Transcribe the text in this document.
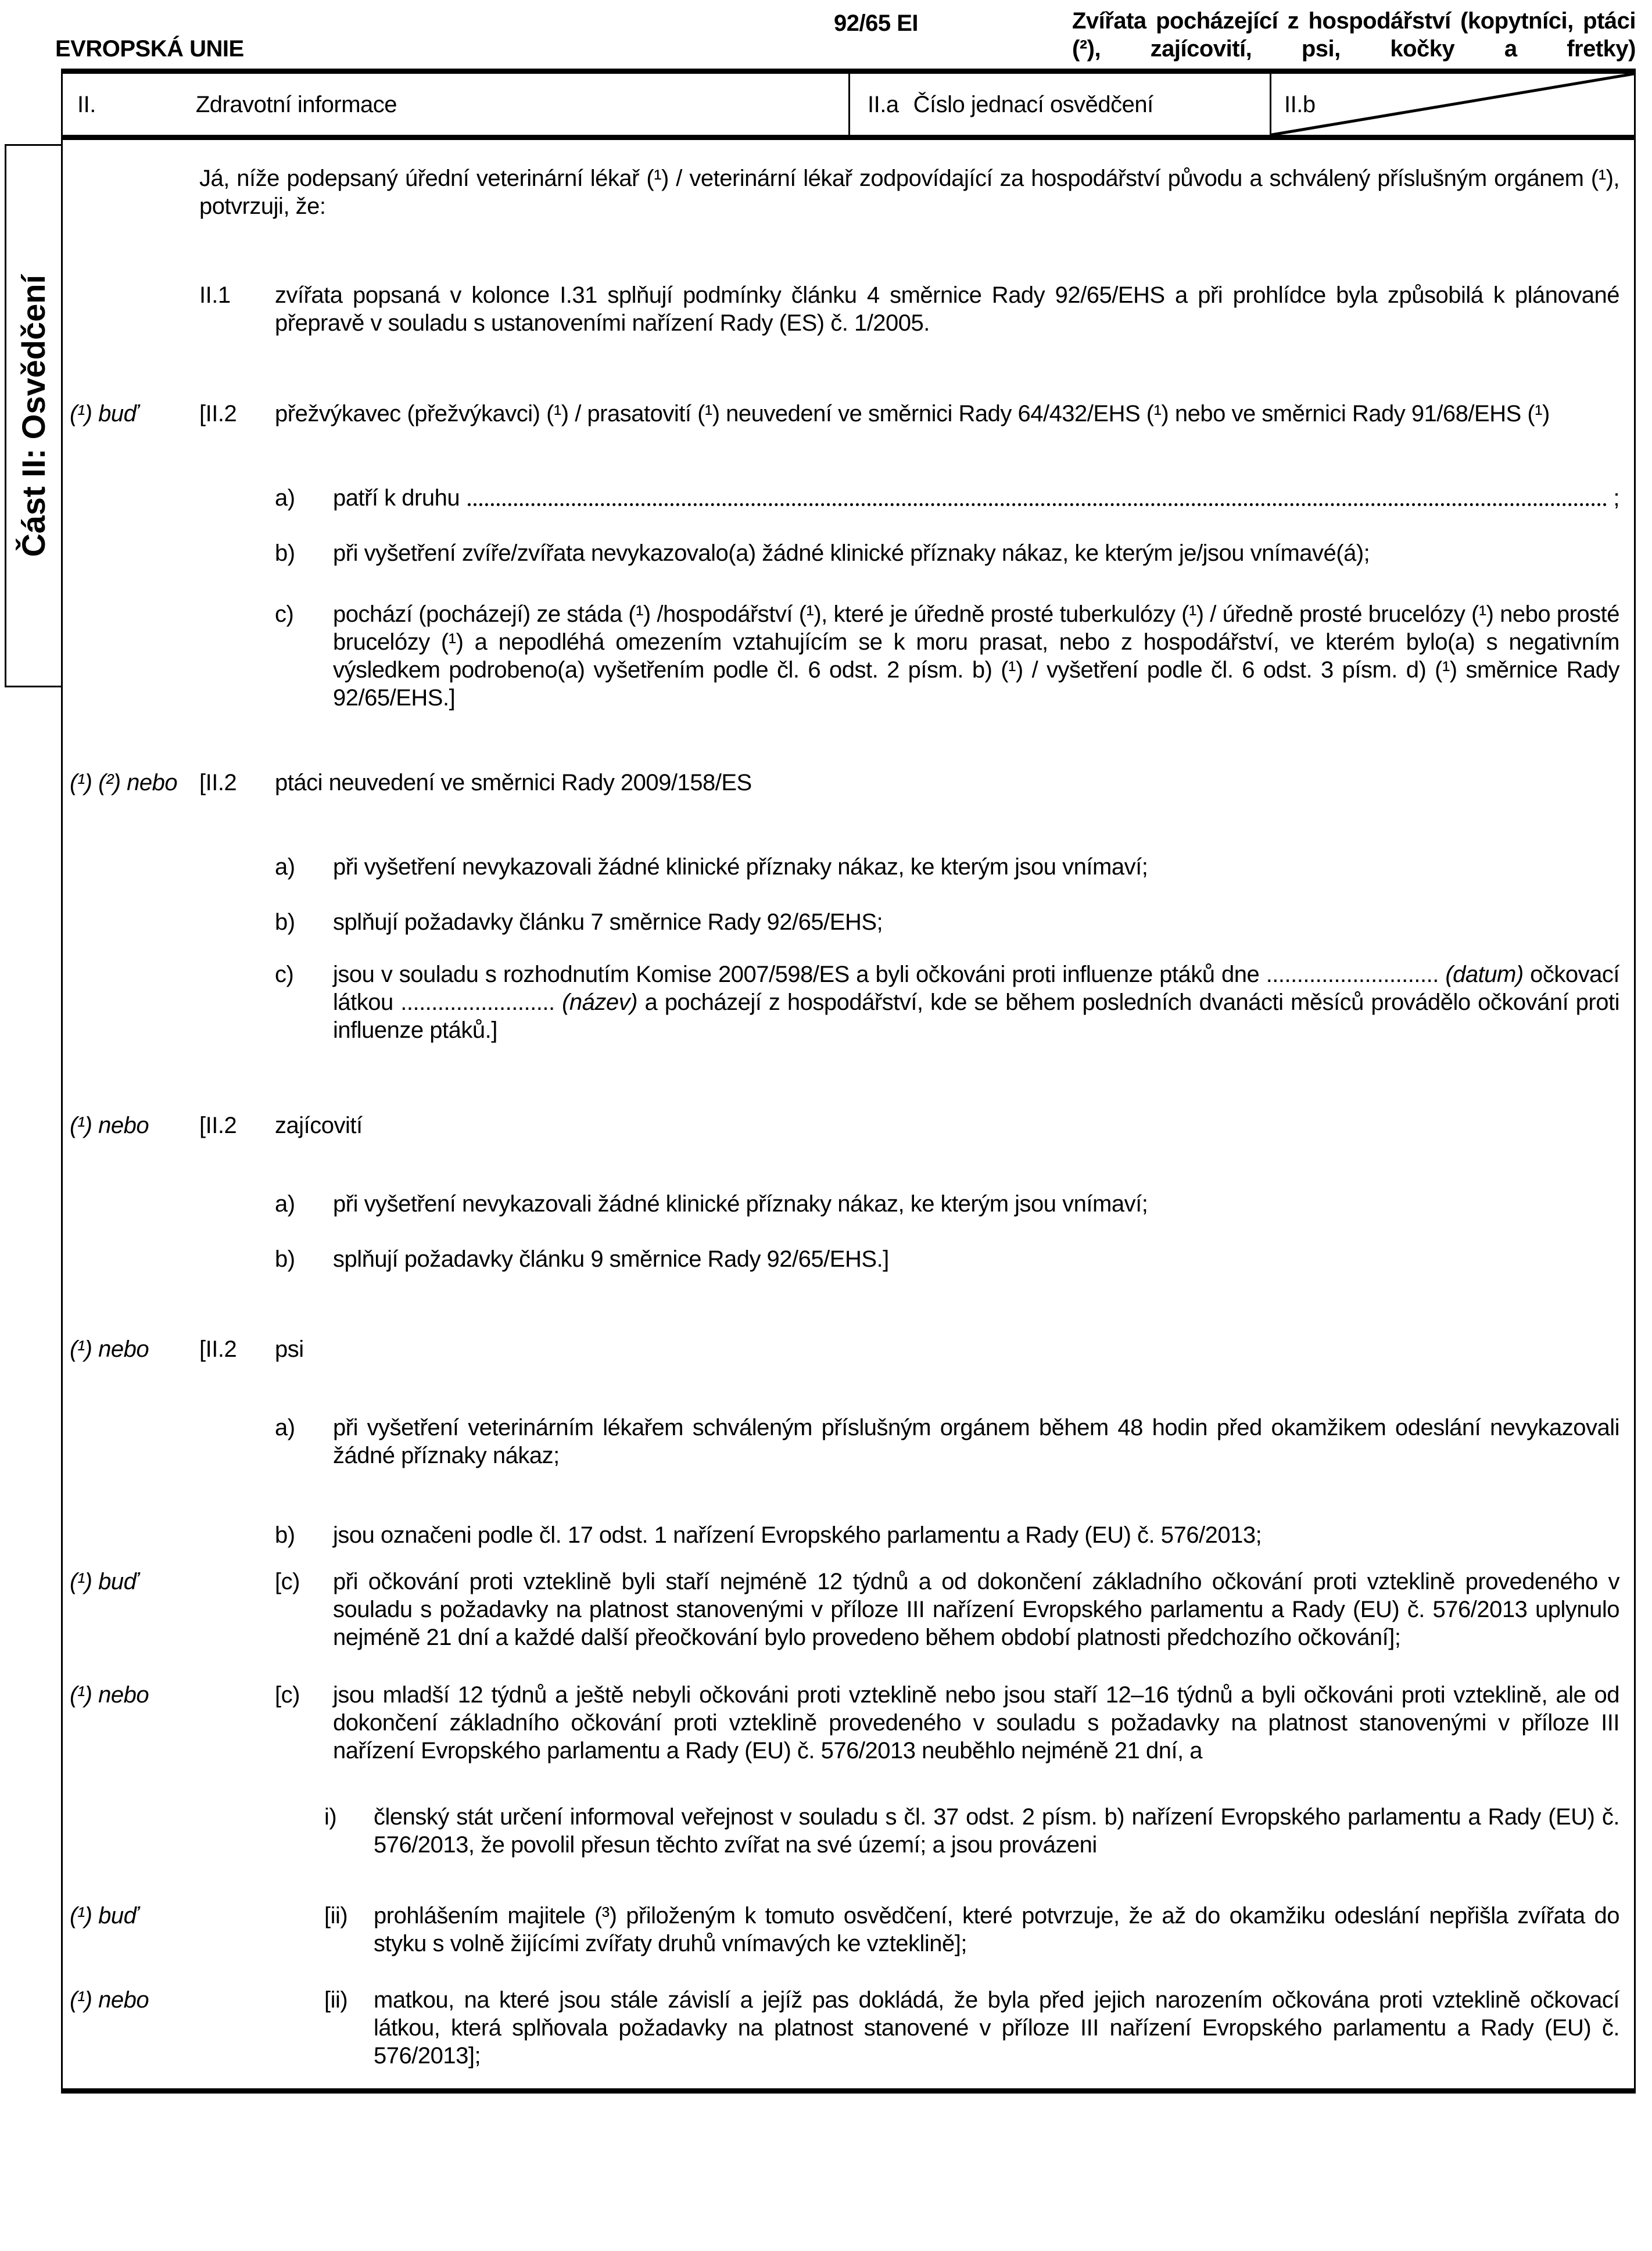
EVROPSKÁ UNIE
92/65 EI	Zvířata pocházející z hospodářství (kopytníci, ptáci (²), zajícovití, psi, kočky a fretky)
II.	Zdravotní informace	II.a Číslo jednací osvědčení	II.b
Část II: Osvědčení
Já, níže podepsaný úřední veterinární lékař (¹) / veterinární lékař zodpovídající za hospodářství původu a schválený příslušným orgánem (¹), potvrzuji, že:
II.1	zvířata popsaná v kolonce I.31 splňují podmínky článku 4 směrnice Rady 92/65/EHS a při prohlídce byla způsobilá k plánované přepravě v souladu s ustanoveními nařízení Rady (ES) č. 1/2005.
(¹) buď	[II.2	přežvýkavec (přežvýkavci) (¹) / prasatovití (¹) neuvedení ve směrnici Rady 64/432/EHS (¹) nebo ve směrnici Rady 91/68/EHS (¹)
a)	patří k druhu	;
b)	při vyšetření zvíře/zvířata nevykazovalo(a) žádné klinické příznaky nákaz, ke kterým je/jsou vnímavé(á);
c)	pochází (pocházejí) ze stáda (¹) /hospodářství (¹), které je úředně prosté tuberkulózy (¹) / úředně prosté brucelózy (¹) nebo prosté brucelózy (¹) a nepodléhá omezením vztahujícím se k moru prasat, nebo z hospodářství, ve kterém bylo(a) s negativním výsledkem podrobeno(a) vyšetřením podle čl. 6 odst. 2 písm. b) (¹) / vyšetření podle čl. 6 odst. 3 písm. d) (¹) směrnice Rady 92/65/EHS.]
(¹) (²) nebo [II.2	ptáci neuvedení ve směrnici Rady 2009/158/ES
a)	při vyšetření nevykazovali žádné klinické příznaky nákaz, ke kterým jsou vnímaví;
b)	splňují požadavky článku 7 směrnice Rady 92/65/EHS;
c)	jsou v souladu s rozhodnutím Komise 2007/598/ES a byli očkováni proti influenze ptáků dne ............................ (datum) očkovací látkou ......................... (název) a pocházejí z hospodářství, kde se během posledních dvanácti měsíců provádělo očkování proti influenze ptáků.]
(¹) nebo	[II.2	zajícovití
a)	při vyšetření nevykazovali žádné klinické příznaky nákaz, ke kterým jsou vnímaví;
b)	splňují požadavky článku 9 směrnice Rady 92/65/EHS.]
(¹) nebo	[II.2	psi
a)	při vyšetření veterinárním lékařem schváleným příslušným orgánem během 48 hodin před okamžikem odeslání nevykazovali žádné příznaky nákaz;
b)	jsou označeni podle čl. 17 odst. 1 nařízení Evropského parlamentu a Rady (EU) č. 576/2013;
(¹) buď	[c)	při očkování proti vzteklině byli staří nejméně 12 týdnů a od dokončení základního očkování proti vzteklině provedeného v souladu s požadavky na platnost stanovenými v příloze III nařízení Evropského parlamentu a Rady (EU) č. 576/2013 uplynulo nejméně 21 dní a každé další přeočkování bylo provedeno během období platnosti předchozího očkování];
(¹) nebo	[c)	jsou mladší 12 týdnů a ještě nebyli očkováni proti vzteklině nebo jsou staří 12–16 týdnů a byli očkováni proti vzteklině, ale od dokončení základního očkování proti vzteklině provedeného v souladu s požadavky na platnost stanovenými v příloze III nařízení Evropského parlamentu a Rady (EU) č. 576/2013 neuběhlo nejméně 21 dní, a
i)	členský stát určení informoval veřejnost v souladu s čl. 37 odst. 2 písm. b) nařízení Evropského parlamentu a Rady (EU) č. 576/2013, že povolil přesun těchto zvířat na své území; a jsou provázeni
(¹) buď	[ii)	prohlášením majitele (³) přiloženým k tomuto osvědčení, které potvrzuje, že až do okamžiku odeslání nepřišla zvířata do styku s volně žijícími zvířaty druhů vnímavých ke vzteklině];
(¹) nebo	[ii)	matkou, na které jsou stále závislí a jejíž pas dokládá, že byla před jejich narozením očkována proti vzteklině očkovací látkou, která splňovala požadavky na platnost stanovené v příloze III nařízení Evropského parlamentu a Rady (EU) č. 576/2013];
